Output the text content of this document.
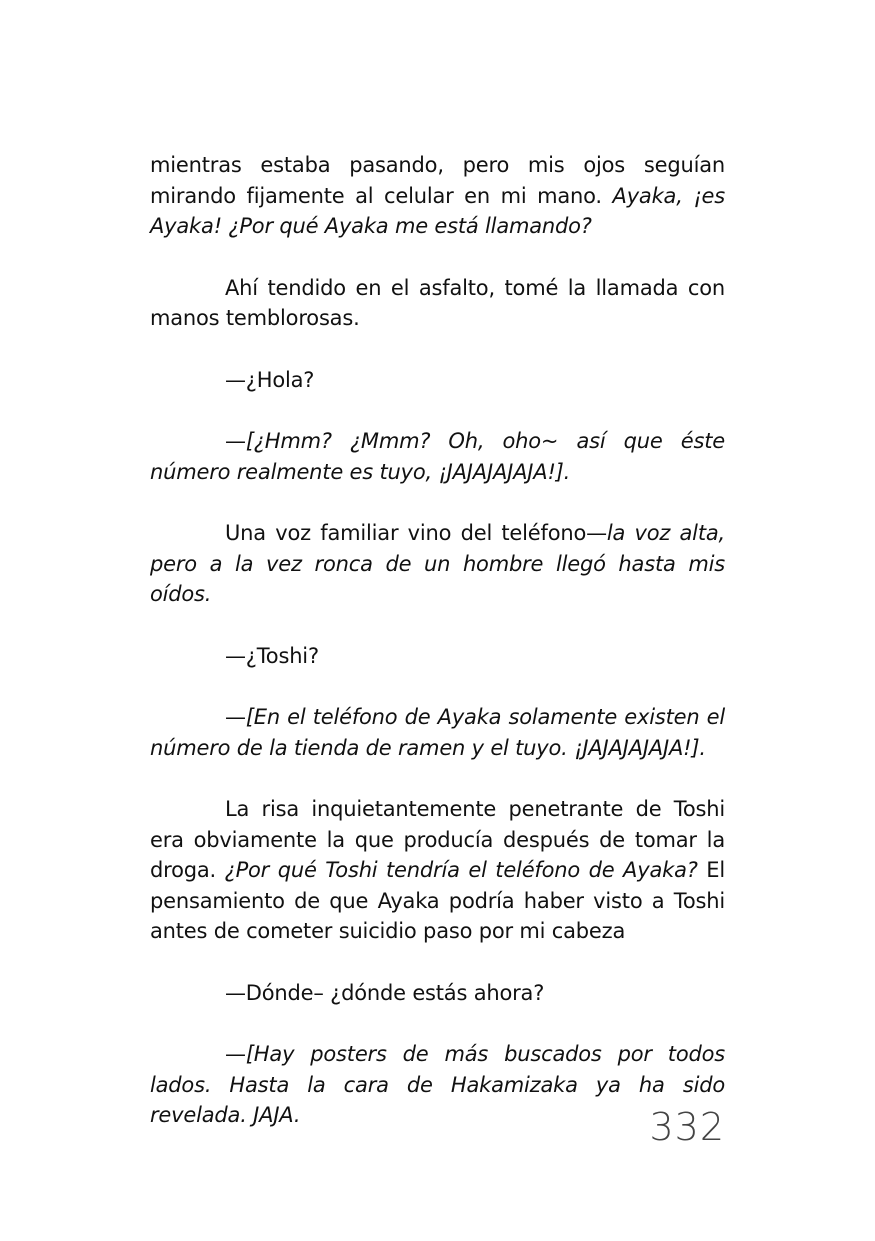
mientras estaba pasando, pero mis ojos seguían mirando fijamente al celular en mi mano. Ayaka, ¡es Ayaka! ¿Por qué Ayaka me está llamando?

Ahí tendido en el asfalto, tomé la llamada con manos temblorosas.

—¿Hola?

—[¿Hmm? ¿Mmm? Oh, oho~ así que éste número realmente es tuyo, ¡JAJAJAJAJA!].

Una voz familiar vino del teléfono—la voz alta, pero a la vez ronca de un hombre llegó hasta mis oídos.

—¿Toshi?

—[En el teléfono de Ayaka solamente existen el número de la tienda de ramen y el tuyo. ¡JAJAJAJAJA!].

La risa inquietantemente penetrante de Toshi era obviamente la que producía después de tomar la droga. ¿Por qué Toshi tendría el teléfono de Ayaka? El pensamiento de que Ayaka podría haber visto a Toshi antes de cometer suicidio paso por mi cabeza

—Dónde– ¿dónde estás ahora?

—[Hay posters de más buscados por todos lados. Hasta la cara de Hakamizaka ya ha sido revelada. JAJA.	332
